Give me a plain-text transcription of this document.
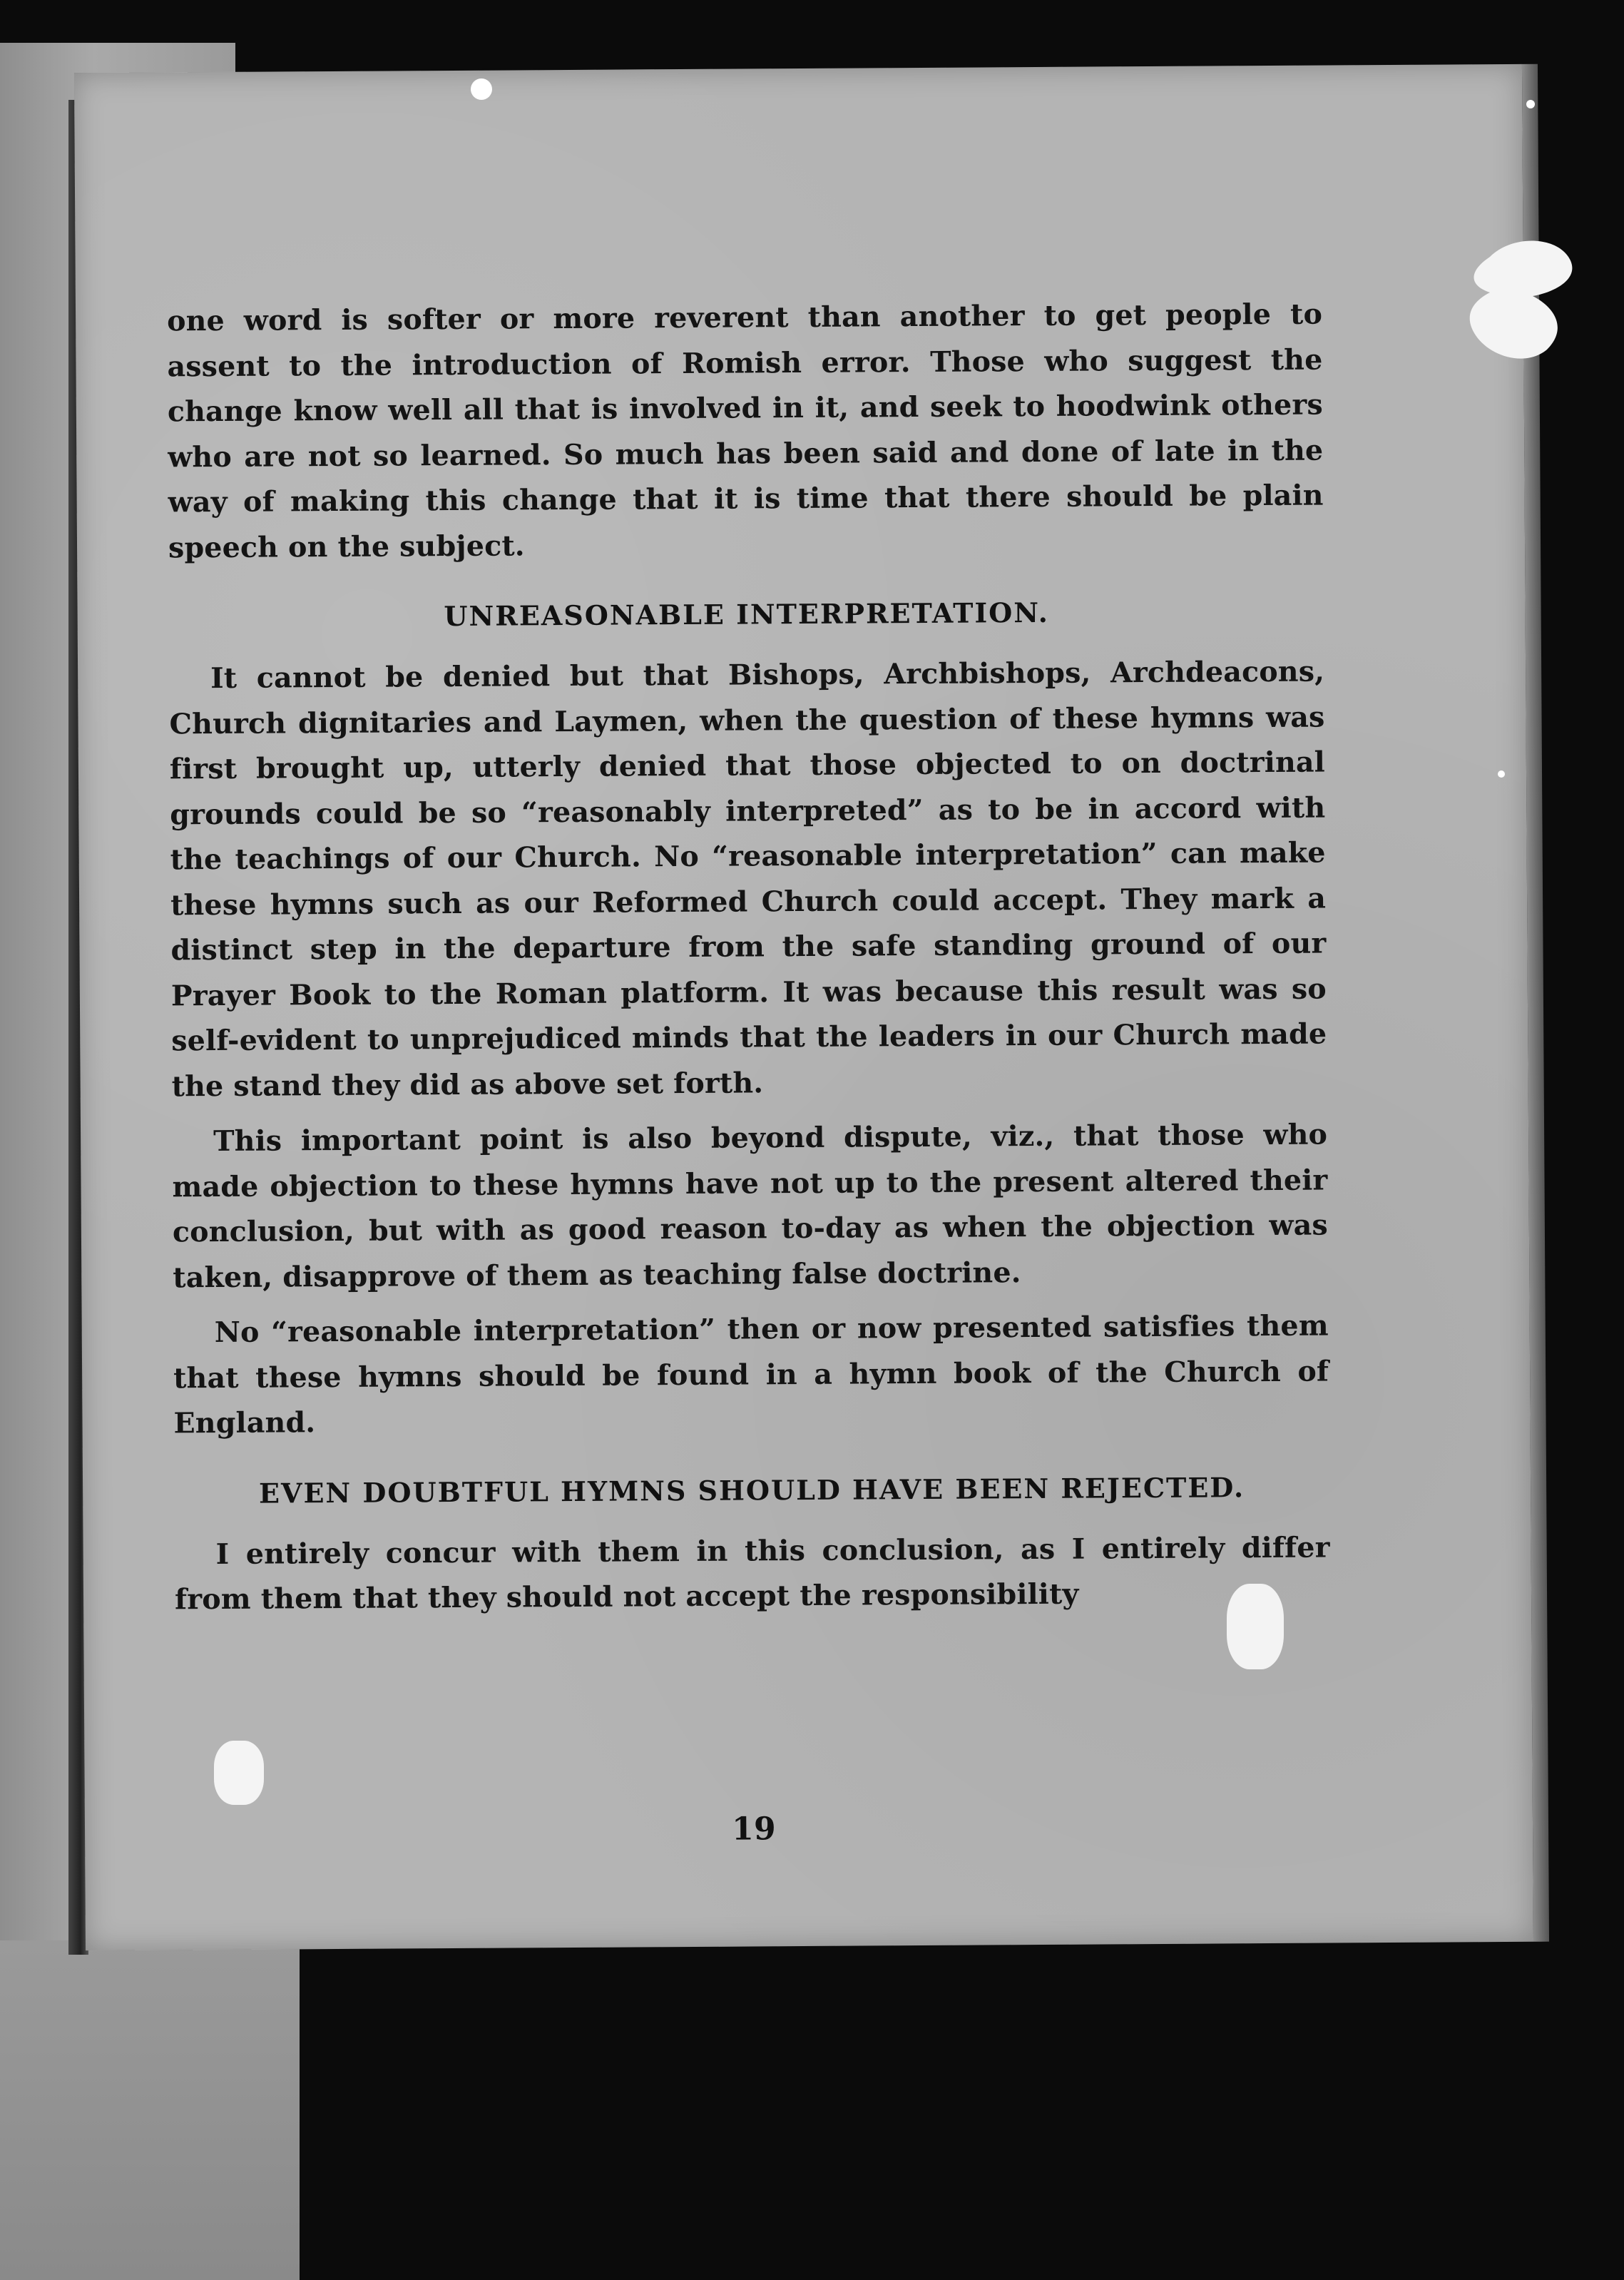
one word is softer or more reverent than another to get people to assent to the introduction of Romish error. Those who suggest the change know well all that is involved in it, and seek to hoodwink others who are not so learned. So much has been said and done of late in the way of making this change that it is time that there should be plain speech on the subject.

UNREASONABLE INTERPRETATION.

It cannot be denied but that Bishops, Archbishops, Archdeacons, Church dignitaries and Laymen, when the question of these hymns was first brought up, utterly denied that those objected to on doctrinal grounds could be so “reasonably interpreted” as to be in accord with the teachings of our Church. No “reasonable interpretation” can make these hymns such as our Reformed Church could accept. They mark a distinct step in the departure from the safe standing ground of our Prayer Book to the Roman platform. It was because this result was so self-evident to unprejudiced minds that the leaders in our Church made the stand they did as above set forth.

This important point is also beyond dispute, viz., that those who made objection to these hymns have not up to the present altered their conclusion, but with as good reason to-day as when the objection was taken, disapprove of them as teaching false doctrine.

No “reasonable interpretation” then or now presented satisfies them that these hymns should be found in a hymn book of the Church of England.

EVEN DOUBTFUL HYMNS SHOULD HAVE BEEN REJECTED.

I entirely concur with them in this conclusion, as I entirely differ from them that they should not accept the responsibility

19
